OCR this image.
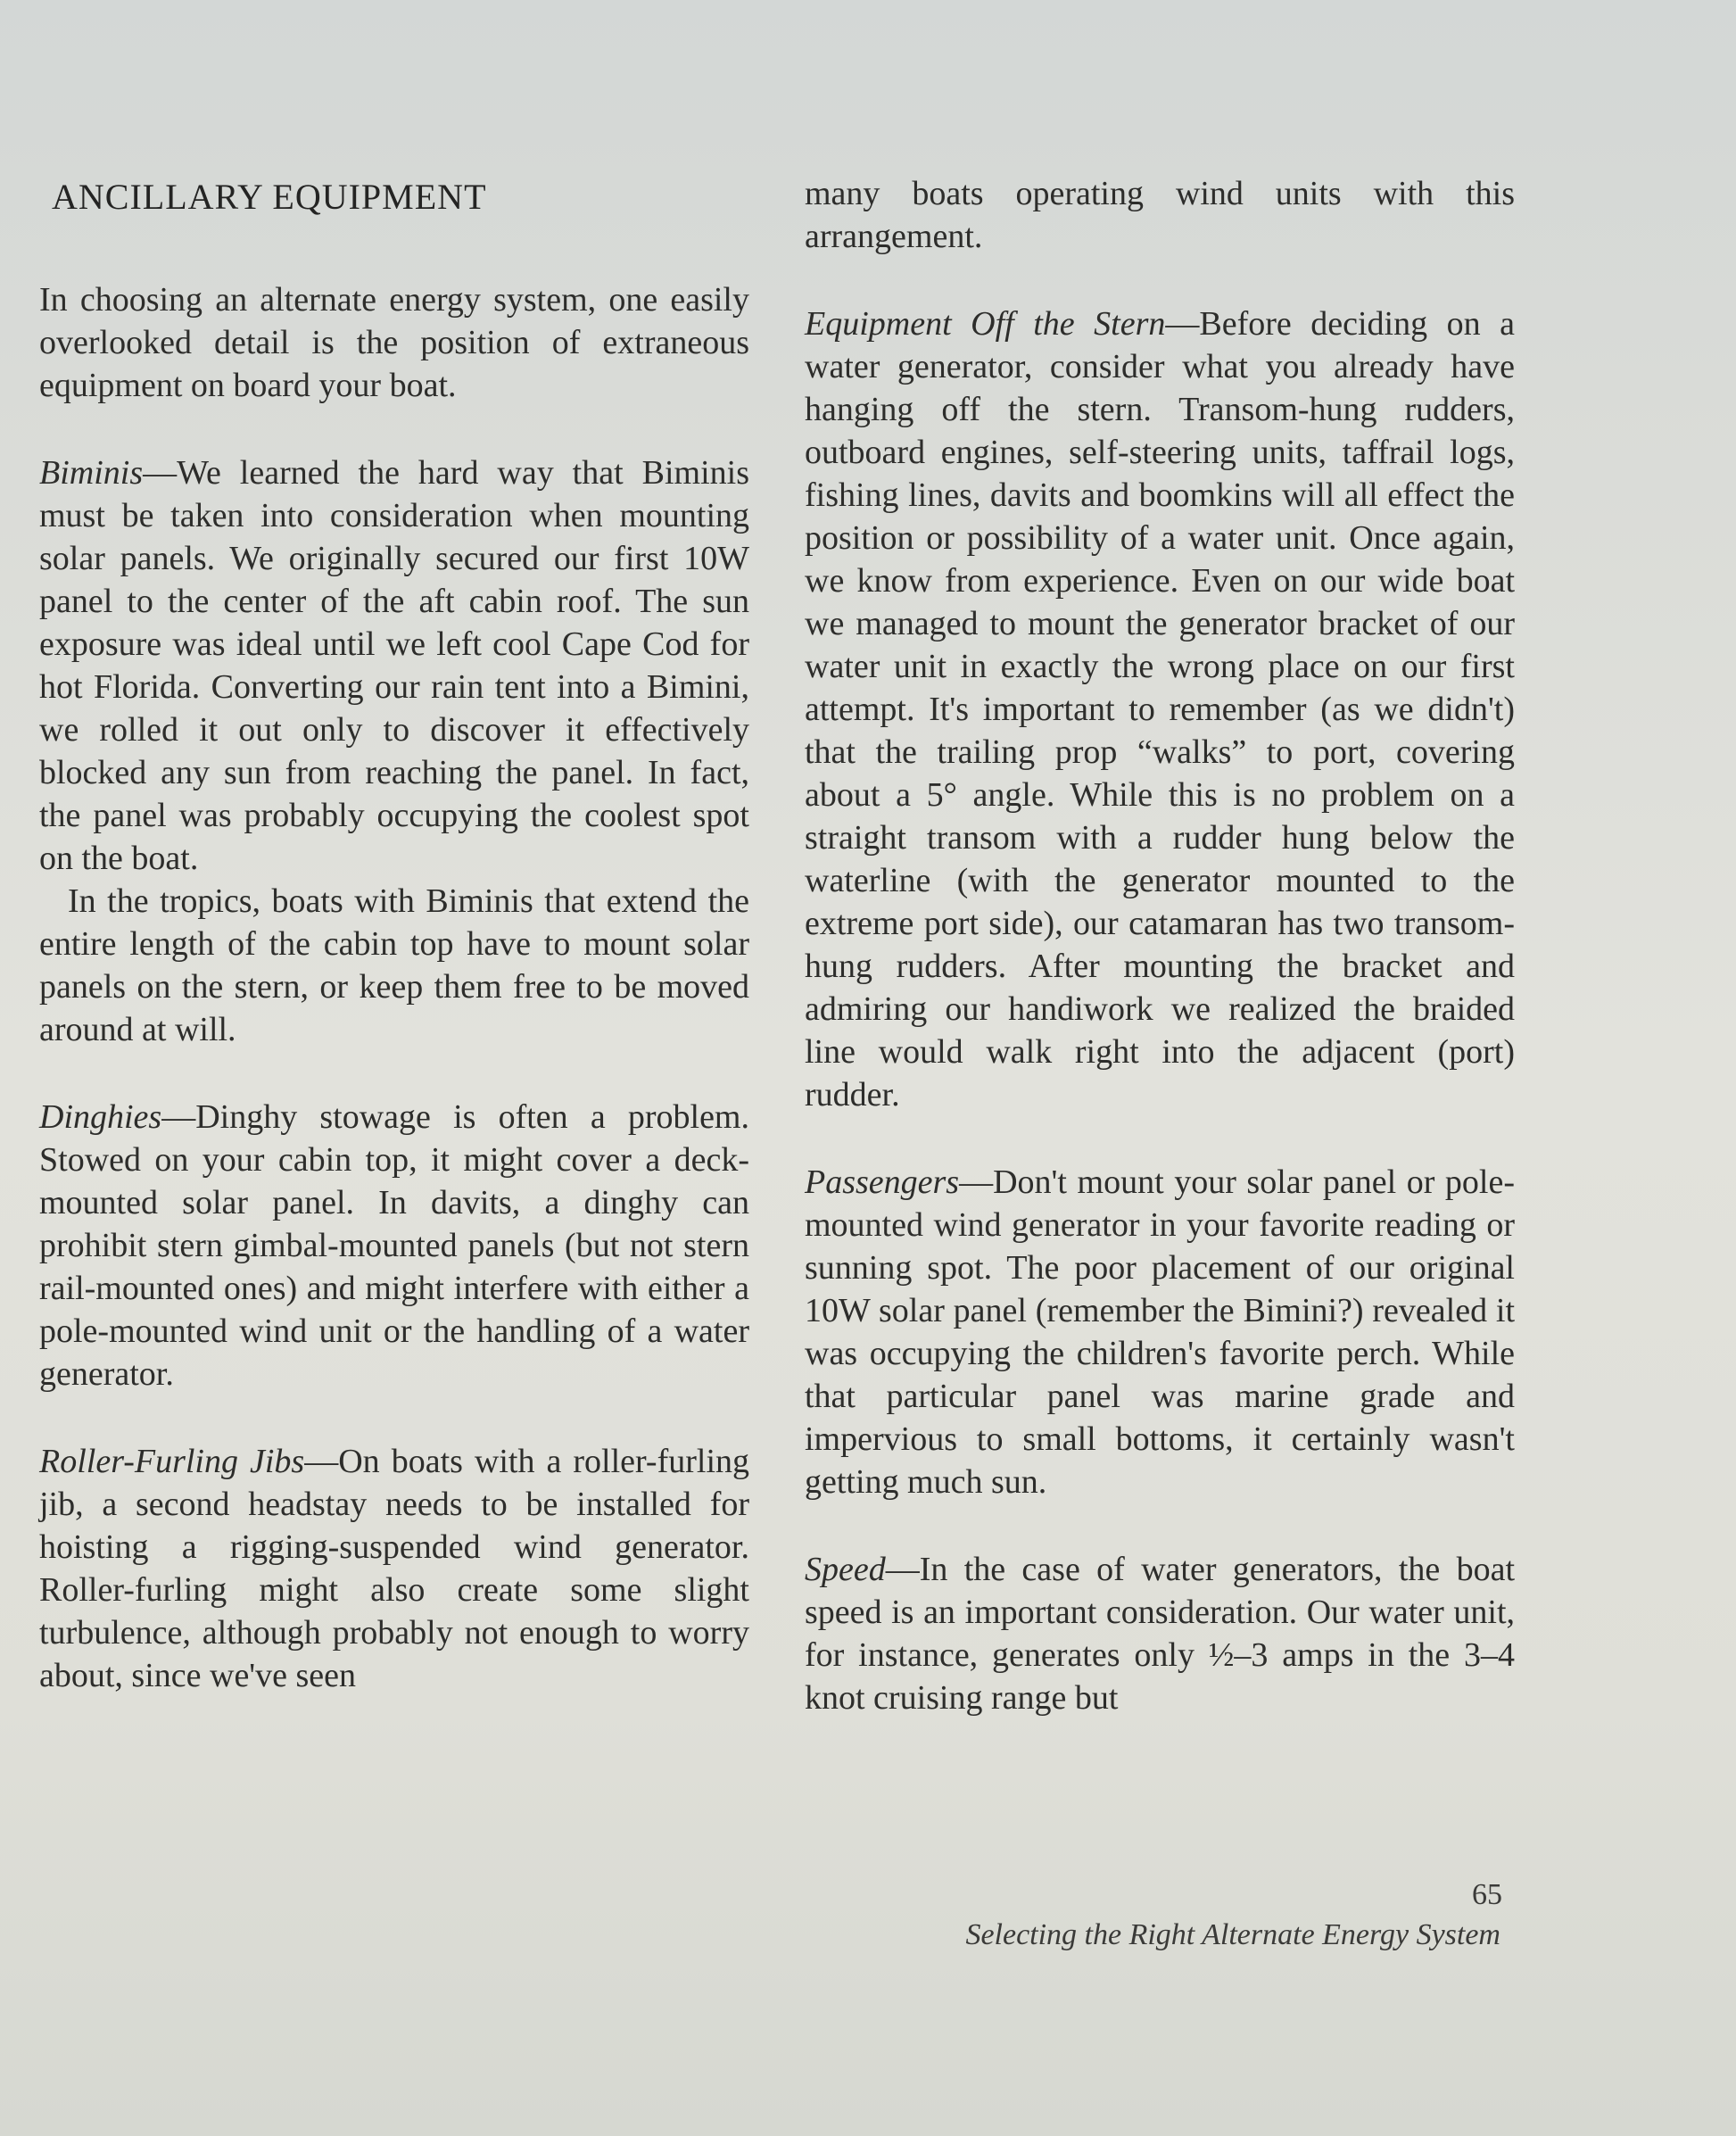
ANCILLARY EQUIPMENT

In choosing an alternate energy system, one easily overlooked detail is the position of extraneous equipment on board your boat.

Biminis—We learned the hard way that Biminis must be taken into consideration when mounting solar panels. We originally secured our first 10W panel to the center of the aft cabin roof. The sun exposure was ideal until we left cool Cape Cod for hot Florida. Converting our rain tent into a Bimini, we rolled it out only to discover it effectively blocked any sun from reaching the panel. In fact, the panel was probably occupying the coolest spot on the boat.

In the tropics, boats with Biminis that extend the entire length of the cabin top have to mount solar panels on the stern, or keep them free to be moved around at will.

Dinghies—Dinghy stowage is often a problem. Stowed on your cabin top, it might cover a deck-mounted solar panel. In davits, a dinghy can prohibit stern gimbal-mounted panels (but not stern rail-mounted ones) and might interfere with either a pole-mounted wind unit or the handling of a water generator.

Roller-Furling Jibs—On boats with a roller-furling jib, a second headstay needs to be installed for hoisting a rigging-suspended wind generator. Roller-furling might also create some slight turbulence, although probably not enough to worry about, since we've seen

many boats operating wind units with this arrangement.

Equipment Off the Stern—Before deciding on a water generator, consider what you already have hanging off the stern. Transom-hung rudders, outboard engines, self-steering units, taffrail logs, fishing lines, davits and boomkins will all effect the position or possibility of a water unit. Once again, we know from experience. Even on our wide boat we managed to mount the generator bracket of our water unit in exactly the wrong place on our first attempt. It's important to remember (as we didn't) that the trailing prop “walks” to port, covering about a 5° angle. While this is no problem on a straight transom with a rudder hung below the waterline (with the generator mounted to the extreme port side), our catamaran has two transom-hung rudders. After mounting the bracket and admiring our handiwork we realized the braided line would walk right into the adjacent (port) rudder.

Passengers—Don't mount your solar panel or pole-mounted wind generator in your favorite reading or sunning spot. The poor placement of our original 10W solar panel (remember the Bimini?) revealed it was occupying the children's favorite perch. While that particular panel was marine grade and impervious to small bottoms, it certainly wasn't getting much sun.

Speed—In the case of water generators, the boat speed is an important consideration. Our water unit, for instance, generates only ½–3 amps in the 3–4 knot cruising range but

65
Selecting the Right Alternate Energy System
